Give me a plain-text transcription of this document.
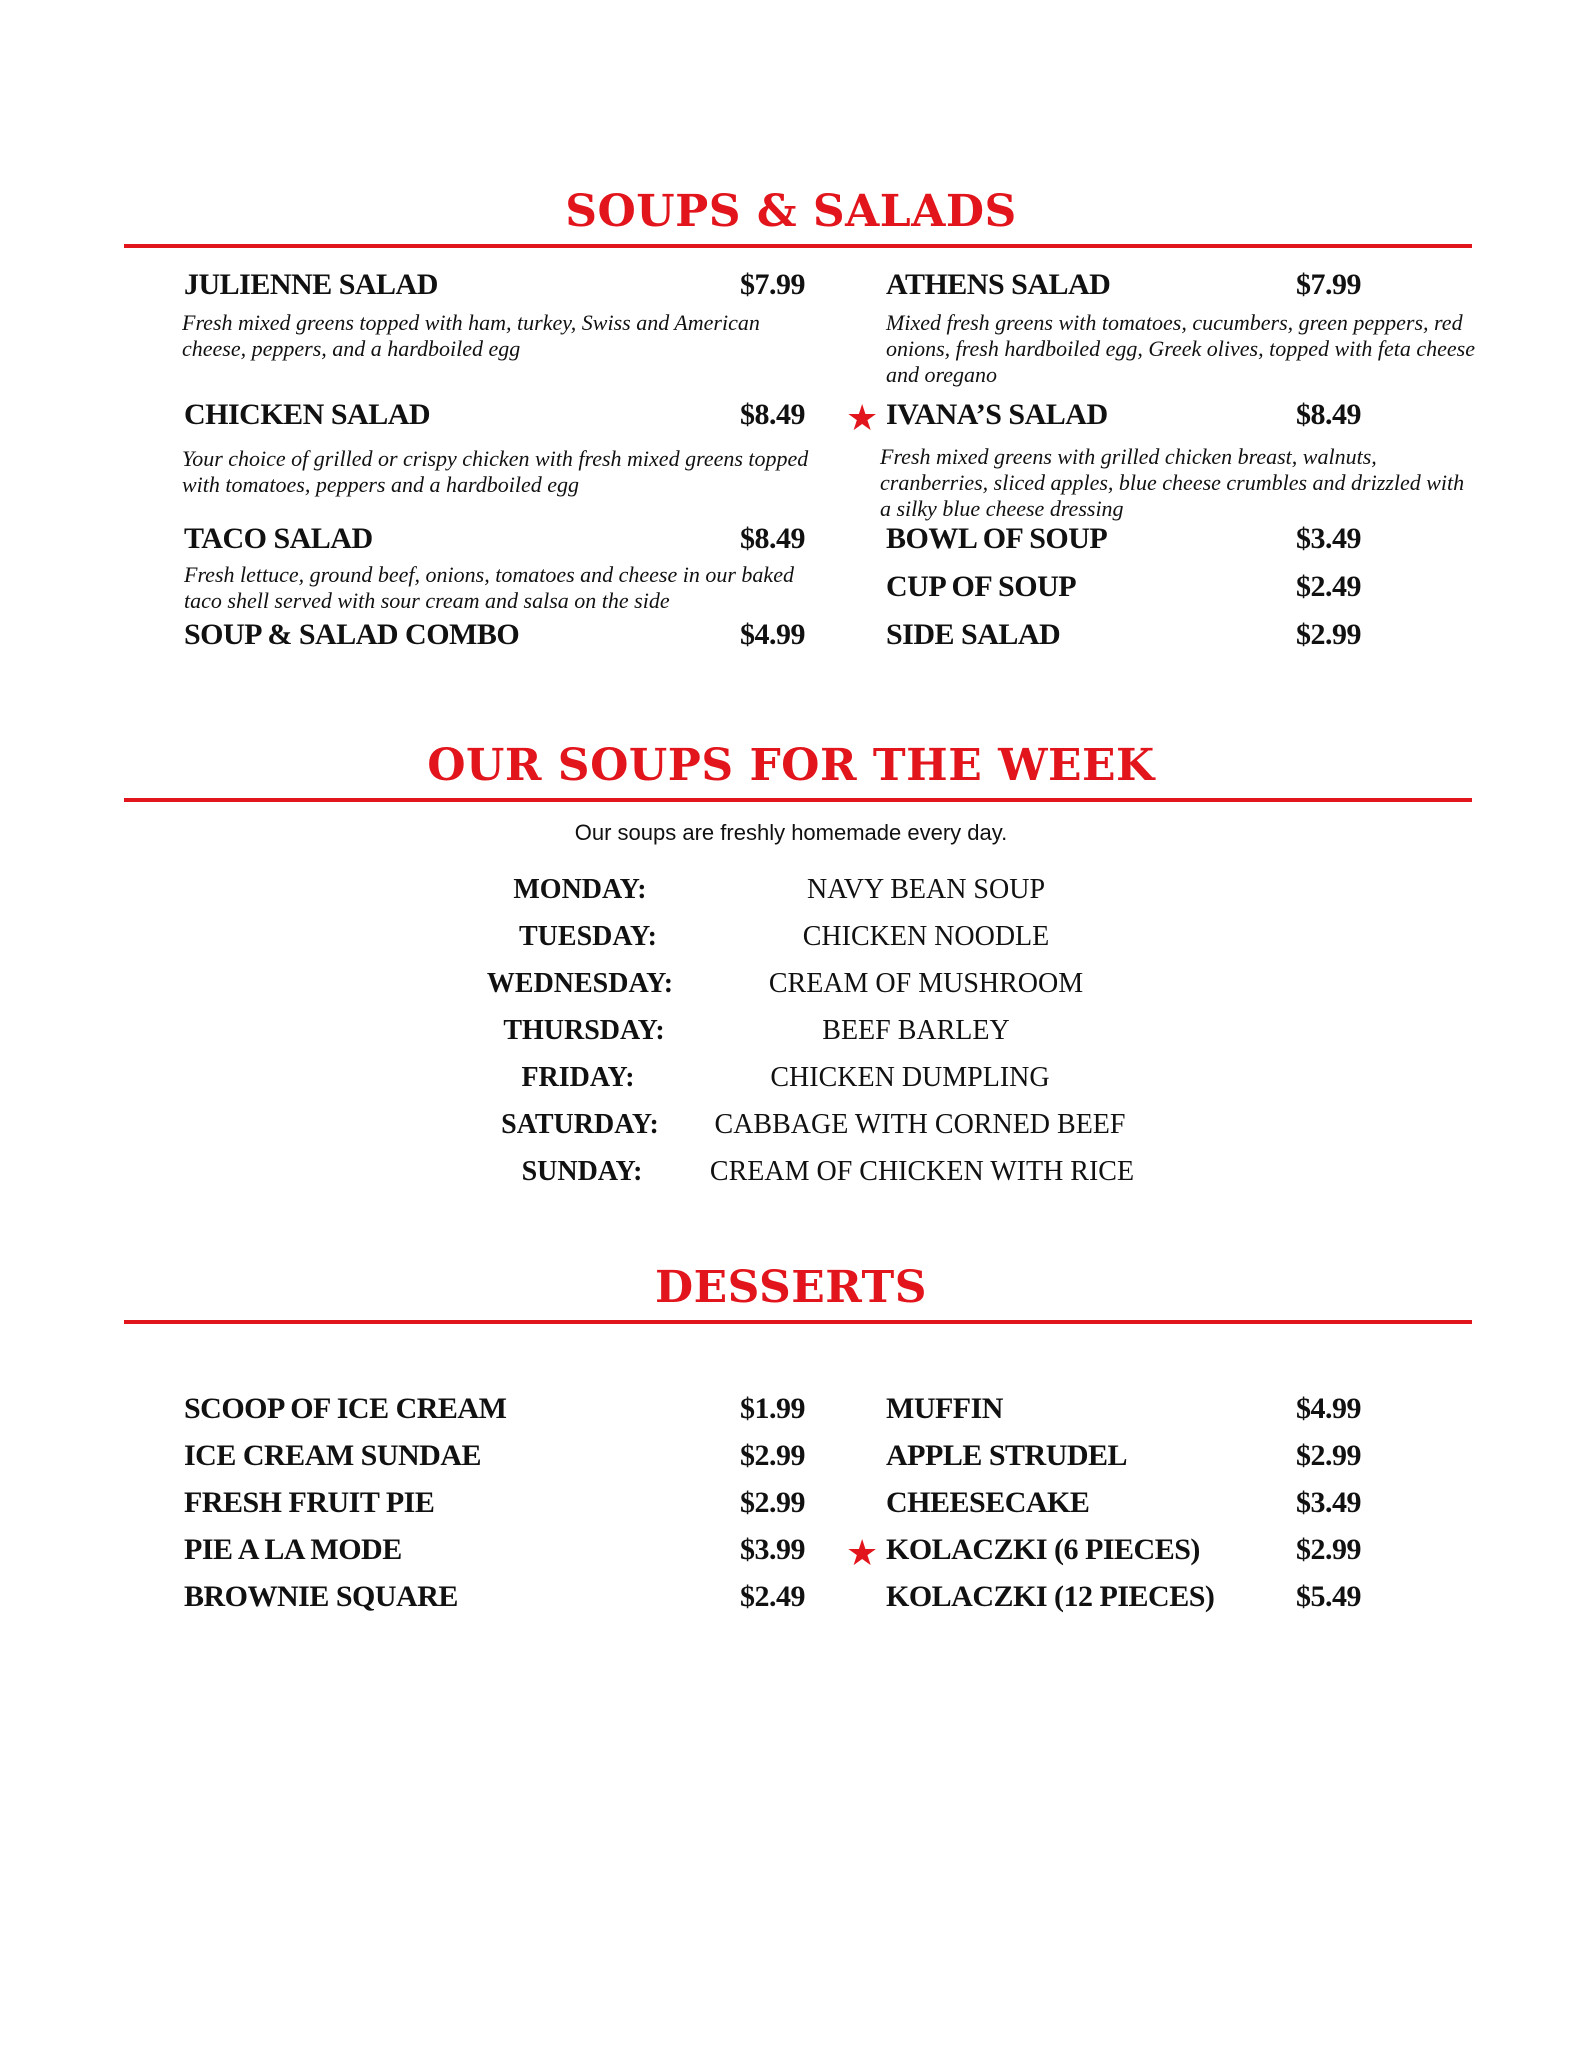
SOUPS & SALADS
JULIENNE SALAD	$7.99
Fresh mixed greens topped with ham, turkey, Swiss and American cheese, peppers, and a hardboiled egg
CHICKEN SALAD	$8.49
Your choice of grilled or crispy chicken with fresh mixed greens topped with tomatoes, peppers and a hardboiled egg
TACO SALAD	$8.49
Fresh lettuce, ground beef, onions, tomatoes and cheese in our baked taco shell served with sour cream and salsa on the side
SOUP & SALAD COMBO	$4.99
ATHENS SALAD	$7.99
Mixed fresh greens with tomatoes, cucumbers, green peppers, red onions, fresh hardboiled egg, Greek olives, topped with feta cheese and oregano
★ IVANA’S SALAD	$8.49
Fresh mixed greens with grilled chicken breast, walnuts, cranberries, sliced apples, blue cheese crumbles and drizzled with a silky blue cheese dressing
BOWL OF SOUP	$3.49
CUP OF SOUP	$2.49
SIDE SALAD	$2.99
OUR SOUPS FOR THE WEEK
Our soups are freshly homemade every day.
MONDAY:	NAVY BEAN SOUP
TUESDAY:	CHICKEN NOODLE
WEDNESDAY:	CREAM OF MUSHROOM
THURSDAY:	BEEF BARLEY
FRIDAY:	CHICKEN DUMPLING
SATURDAY:	CABBAGE WITH CORNED BEEF
SUNDAY:	CREAM OF CHICKEN WITH RICE
DESSERTS
SCOOP OF ICE CREAM	$1.99
ICE CREAM SUNDAE	$2.99
FRESH FRUIT PIE	$2.99
PIE A LA MODE	$3.99
BROWNIE SQUARE	$2.49
MUFFIN	$4.99
APPLE STRUDEL	$2.99
CHEESECAKE	$3.49
★ KOLACZKI (6 PIECES)	$2.99
KOLACZKI (12 PIECES)	$5.49
